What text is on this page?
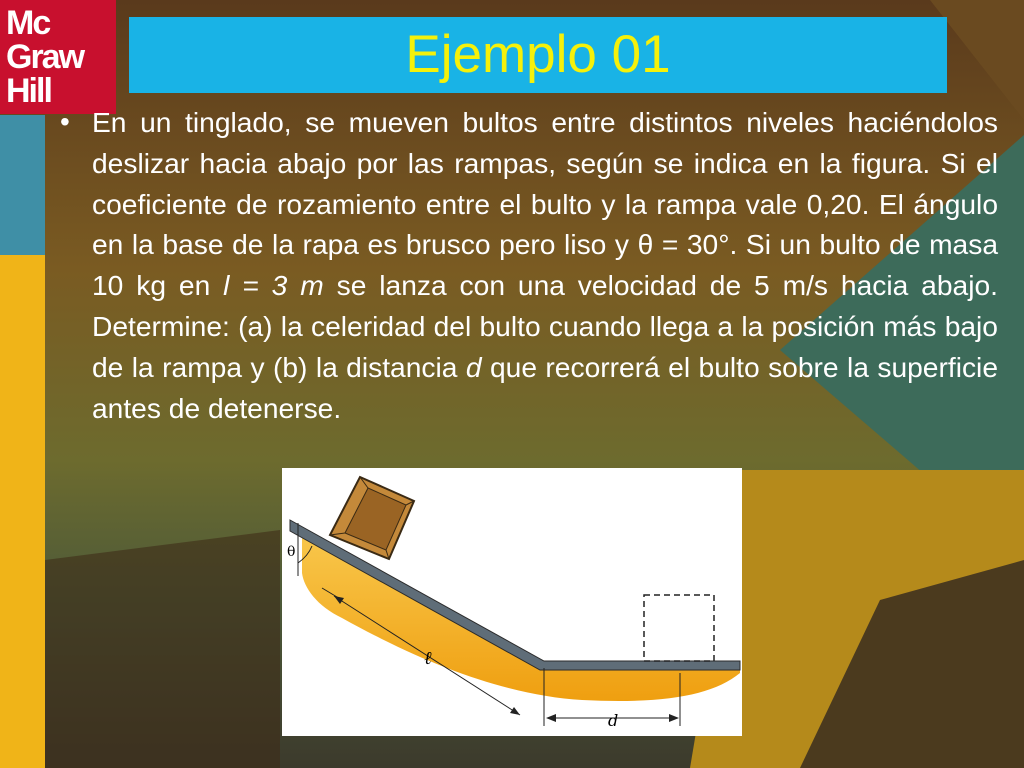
Mc
Graw
Hill
Ejemplo 01
• En un tinglado, se mueven bultos entre distintos niveles haciéndolos deslizar hacia abajo por las rampas, según se indica en la figura. Si el coeficiente de rozamiento entre el bulto y la rampa vale 0,20. El ángulo en la base de la rapa es brusco pero liso y θ = 30°. Si un bulto de masa 10 kg en l = 3 m se lanza con una velocidad de 5 m/s hacia abajo. Determine: (a) la celeridad del bulto cuando llega a la posición más bajo de la rampa y (b) la distancia d que recorrerá el bulto sobre la superficie antes de detenerse.
θ
ℓ
d
